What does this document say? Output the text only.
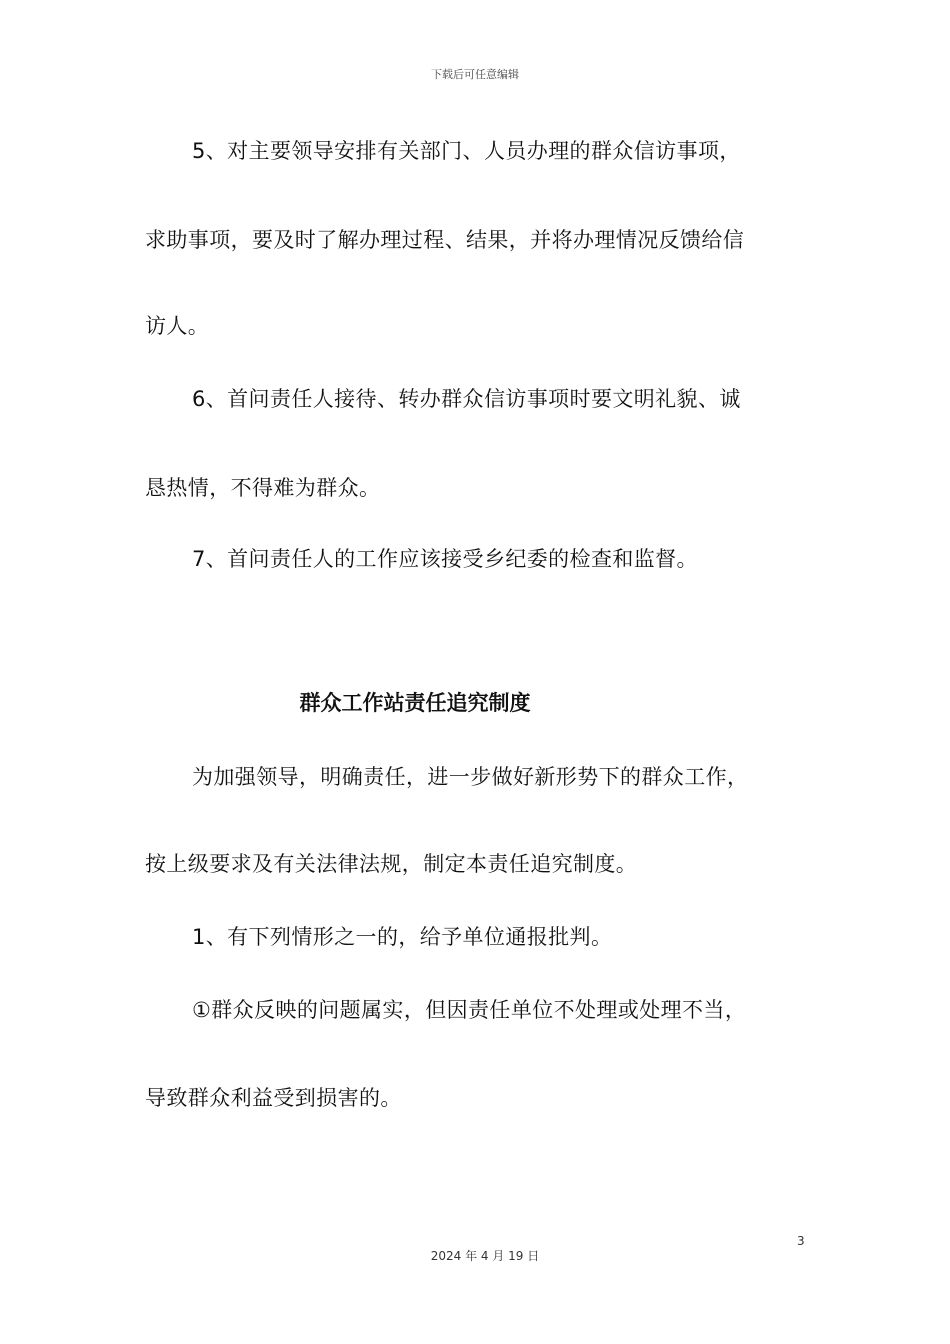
下载后可任意编辑
5、对主要领导安排有关部门、人员办理的群众信访事项，
求助事项，要及时了解办理过程、结果，并将办理情况反馈给信
访人。
6、首问责任人接待、转办群众信访事项时要文明礼貌、诚
恳热情，不得难为群众。
7、首问责任人的工作应该接受乡纪委的检查和监督。
群众工作站责任追究制度
为加强领导，明确责任，进一步做好新形势下的群众工作，
按上级要求及有关法律法规，制定本责任追究制度。
1、有下列情形之一的，给予单位通报批判。
①群众反映的问题属实，但因责任单位不处理或处理不当，
导致群众利益受到损害的。
3
2024 年 4 月 19 日
